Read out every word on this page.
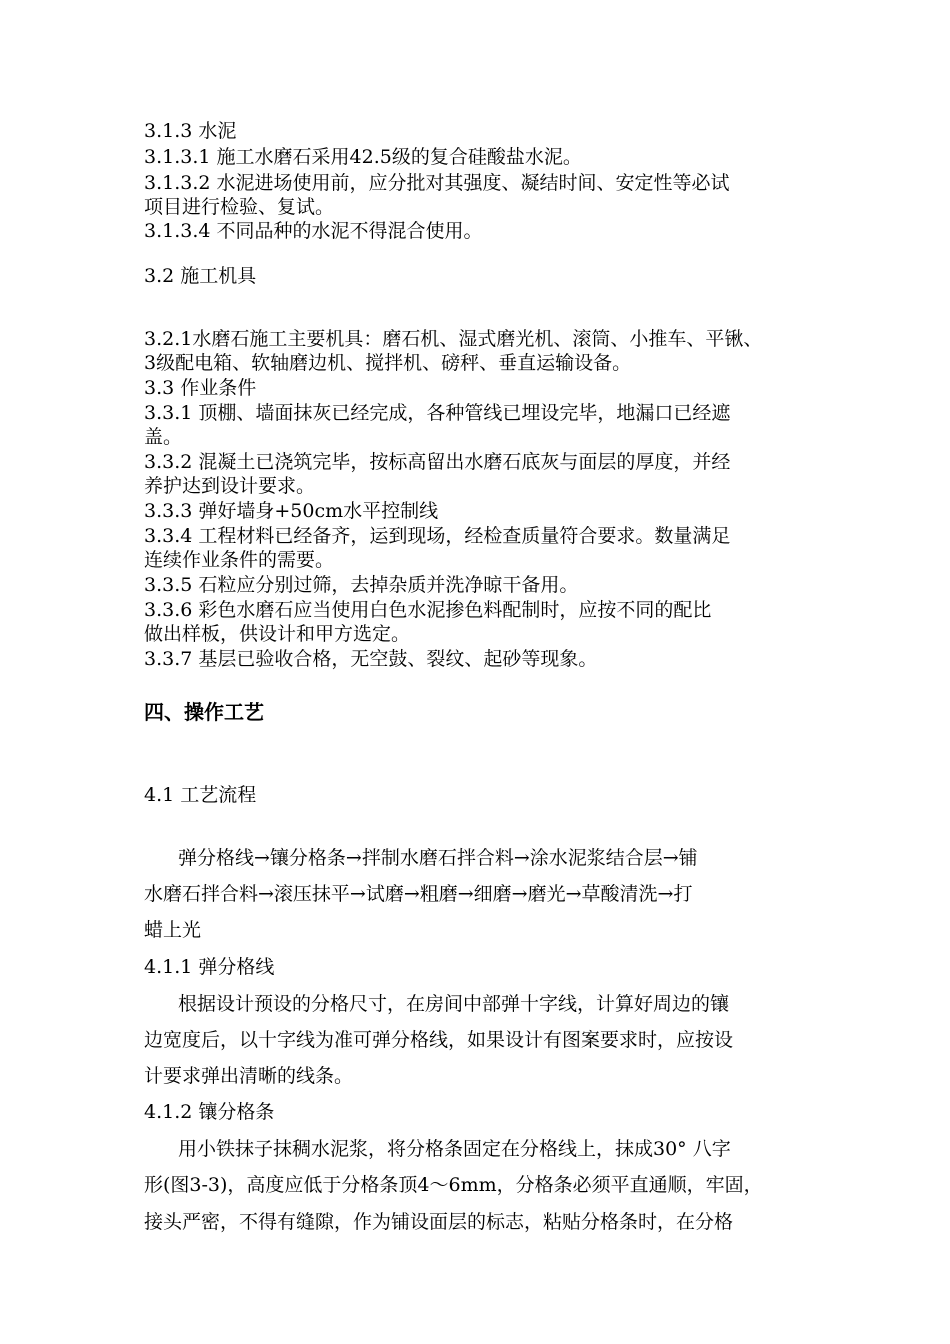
3.1.3 水泥

3.1.3.1 施工水磨石采用42.5级的复合硅酸盐水泥。

3.1.3.2 水泥进场使用前，应分批对其强度、凝结时间、安定性等必试

项目进行检验、复试。

3.1.3.4 不同品种的水泥不得混合使用。

3.2 施工机具

3.2.1水磨石施工主要机具：磨石机、湿式磨光机、滚筒、小推车、平锹、

3级配电箱、软轴磨边机、搅拌机、磅秤、垂直运输设备。

3.3 作业条件

3.3.1 顶棚、墙面抹灰已经完成，各种管线已埋设完毕，地漏口已经遮

盖。

3.3.2 混凝土已浇筑完毕，按标高留出水磨石底灰与面层的厚度，并经

养护达到设计要求。

3.3.3 弹好墙身+50cm水平控制线

3.3.4 工程材料已经备齐，运到现场，经检查质量符合要求。数量满足

连续作业条件的需要。

3.3.5 石粒应分别过筛，去掉杂质并洗净晾干备用。

3.3.6 彩色水磨石应当使用白色水泥掺色料配制时，应按不同的配比

做出样板，供设计和甲方选定。

3.3.7 基层已验收合格，无空鼓、裂纹、起砂等现象。

四、操作工艺

4.1 工艺流程

弹分格线→镶分格条→拌制水磨石拌合料→涂水泥浆结合层→铺

水磨石拌合料→滚压抹平→试磨→粗磨→细磨→磨光→草酸清洗→打

蜡上光

4.1.1 弹分格线

根据设计预设的分格尺寸，在房间中部弹十字线，计算好周边的镶

边宽度后，以十字线为准可弹分格线，如果设计有图案要求时，应按设

计要求弹出清晰的线条。

4.1.2 镶分格条

用小铁抹子抹稠水泥浆，将分格条固定在分格线上，抹成30° 八字

形(图3-3)，高度应低于分格条顶4～6mm，分格条必须平直通顺，牢固，

接头严密，不得有缝隙，作为铺设面层的标志，粘贴分格条时，在分格
